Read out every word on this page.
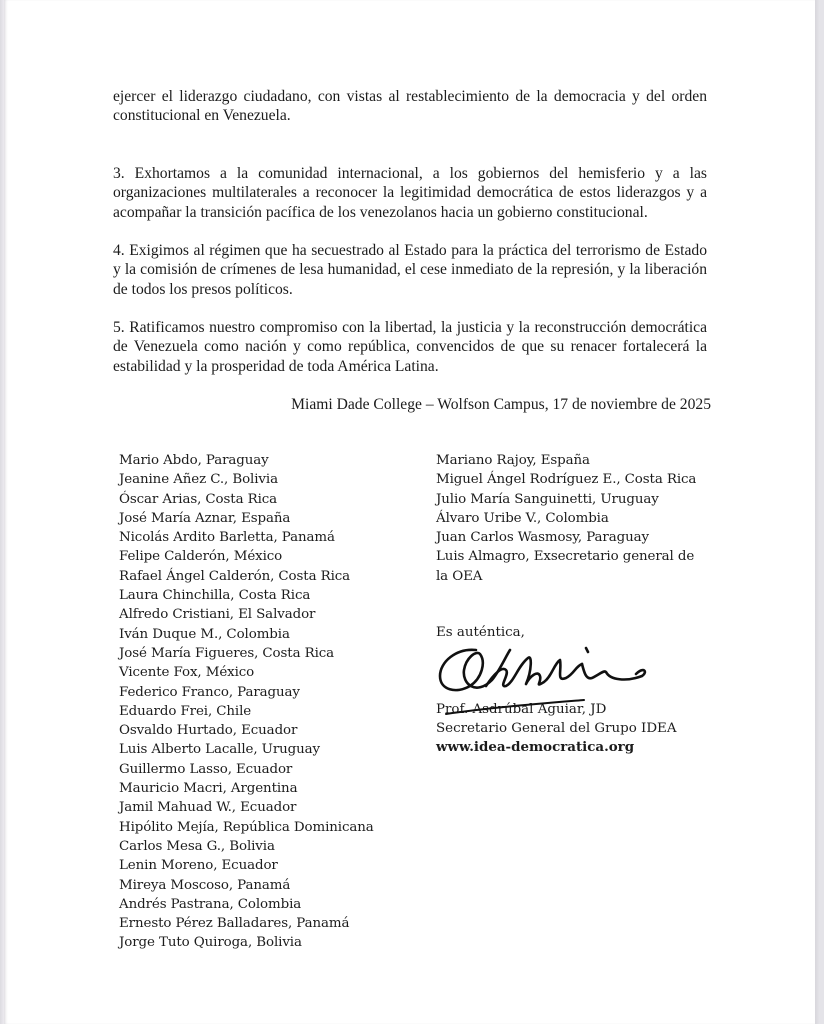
ejercer el liderazgo ciudadano, con vistas al restablecimiento de la democracia y del orden constitucional en Venezuela.

3. Exhortamos a la comunidad internacional, a los gobiernos del hemisferio y a las organizaciones multilaterales a reconocer la legitimidad democrática de estos liderazgos y a acompañar la transición pacífica de los venezolanos hacia un gobierno constitucional.

4. Exigimos al régimen que ha secuestrado al Estado para la práctica del terrorismo de Estado y la comisión de crímenes de lesa humanidad, el cese inmediato de la represión, y la liberación de todos los presos políticos.

5. Ratificamos nuestro compromiso con la libertad, la justicia y la reconstrucción democrática de Venezuela como nación y como república, convencidos de que su renacer fortalecerá la estabilidad y la prosperidad de toda América Latina.

Miami Dade College – Wolfson Campus, 17 de noviembre de 2025
Mario Abdo, Paraguay
Jeanine Añez C., Bolivia
Óscar Arias, Costa Rica
José María Aznar, España
Nicolás Ardito Barletta, Panamá
Felipe Calderón, México
Rafael Ángel Calderón, Costa Rica
Laura Chinchilla, Costa Rica
Alfredo Cristiani, El Salvador
Iván Duque M., Colombia
José María Figueres, Costa Rica
Vicente Fox, México
Federico Franco, Paraguay
Eduardo Frei, Chile
Osvaldo Hurtado, Ecuador
Luis Alberto Lacalle, Uruguay
Guillermo Lasso, Ecuador
Mauricio Macri, Argentina
Jamil Mahuad W., Ecuador
Hipólito Mejía, República Dominicana
Carlos Mesa G., Bolivia
Lenin Moreno, Ecuador
Mireya Moscoso, Panamá
Andrés Pastrana, Colombia
Ernesto Pérez Balladares, Panamá
Jorge Tuto Quiroga, Bolivia
Mariano Rajoy, España
Miguel Ángel Rodríguez E., Costa Rica
Julio María Sanguinetti, Uruguay
Álvaro Uribe V., Colombia
Juan Carlos Wasmosy, Paraguay
Luis Almagro, Exsecretario general de
la OEA
Es auténtica,
Prof. Asdrúbal Aguiar, JD
Secretario General del Grupo IDEA
www.idea-democratica.org
